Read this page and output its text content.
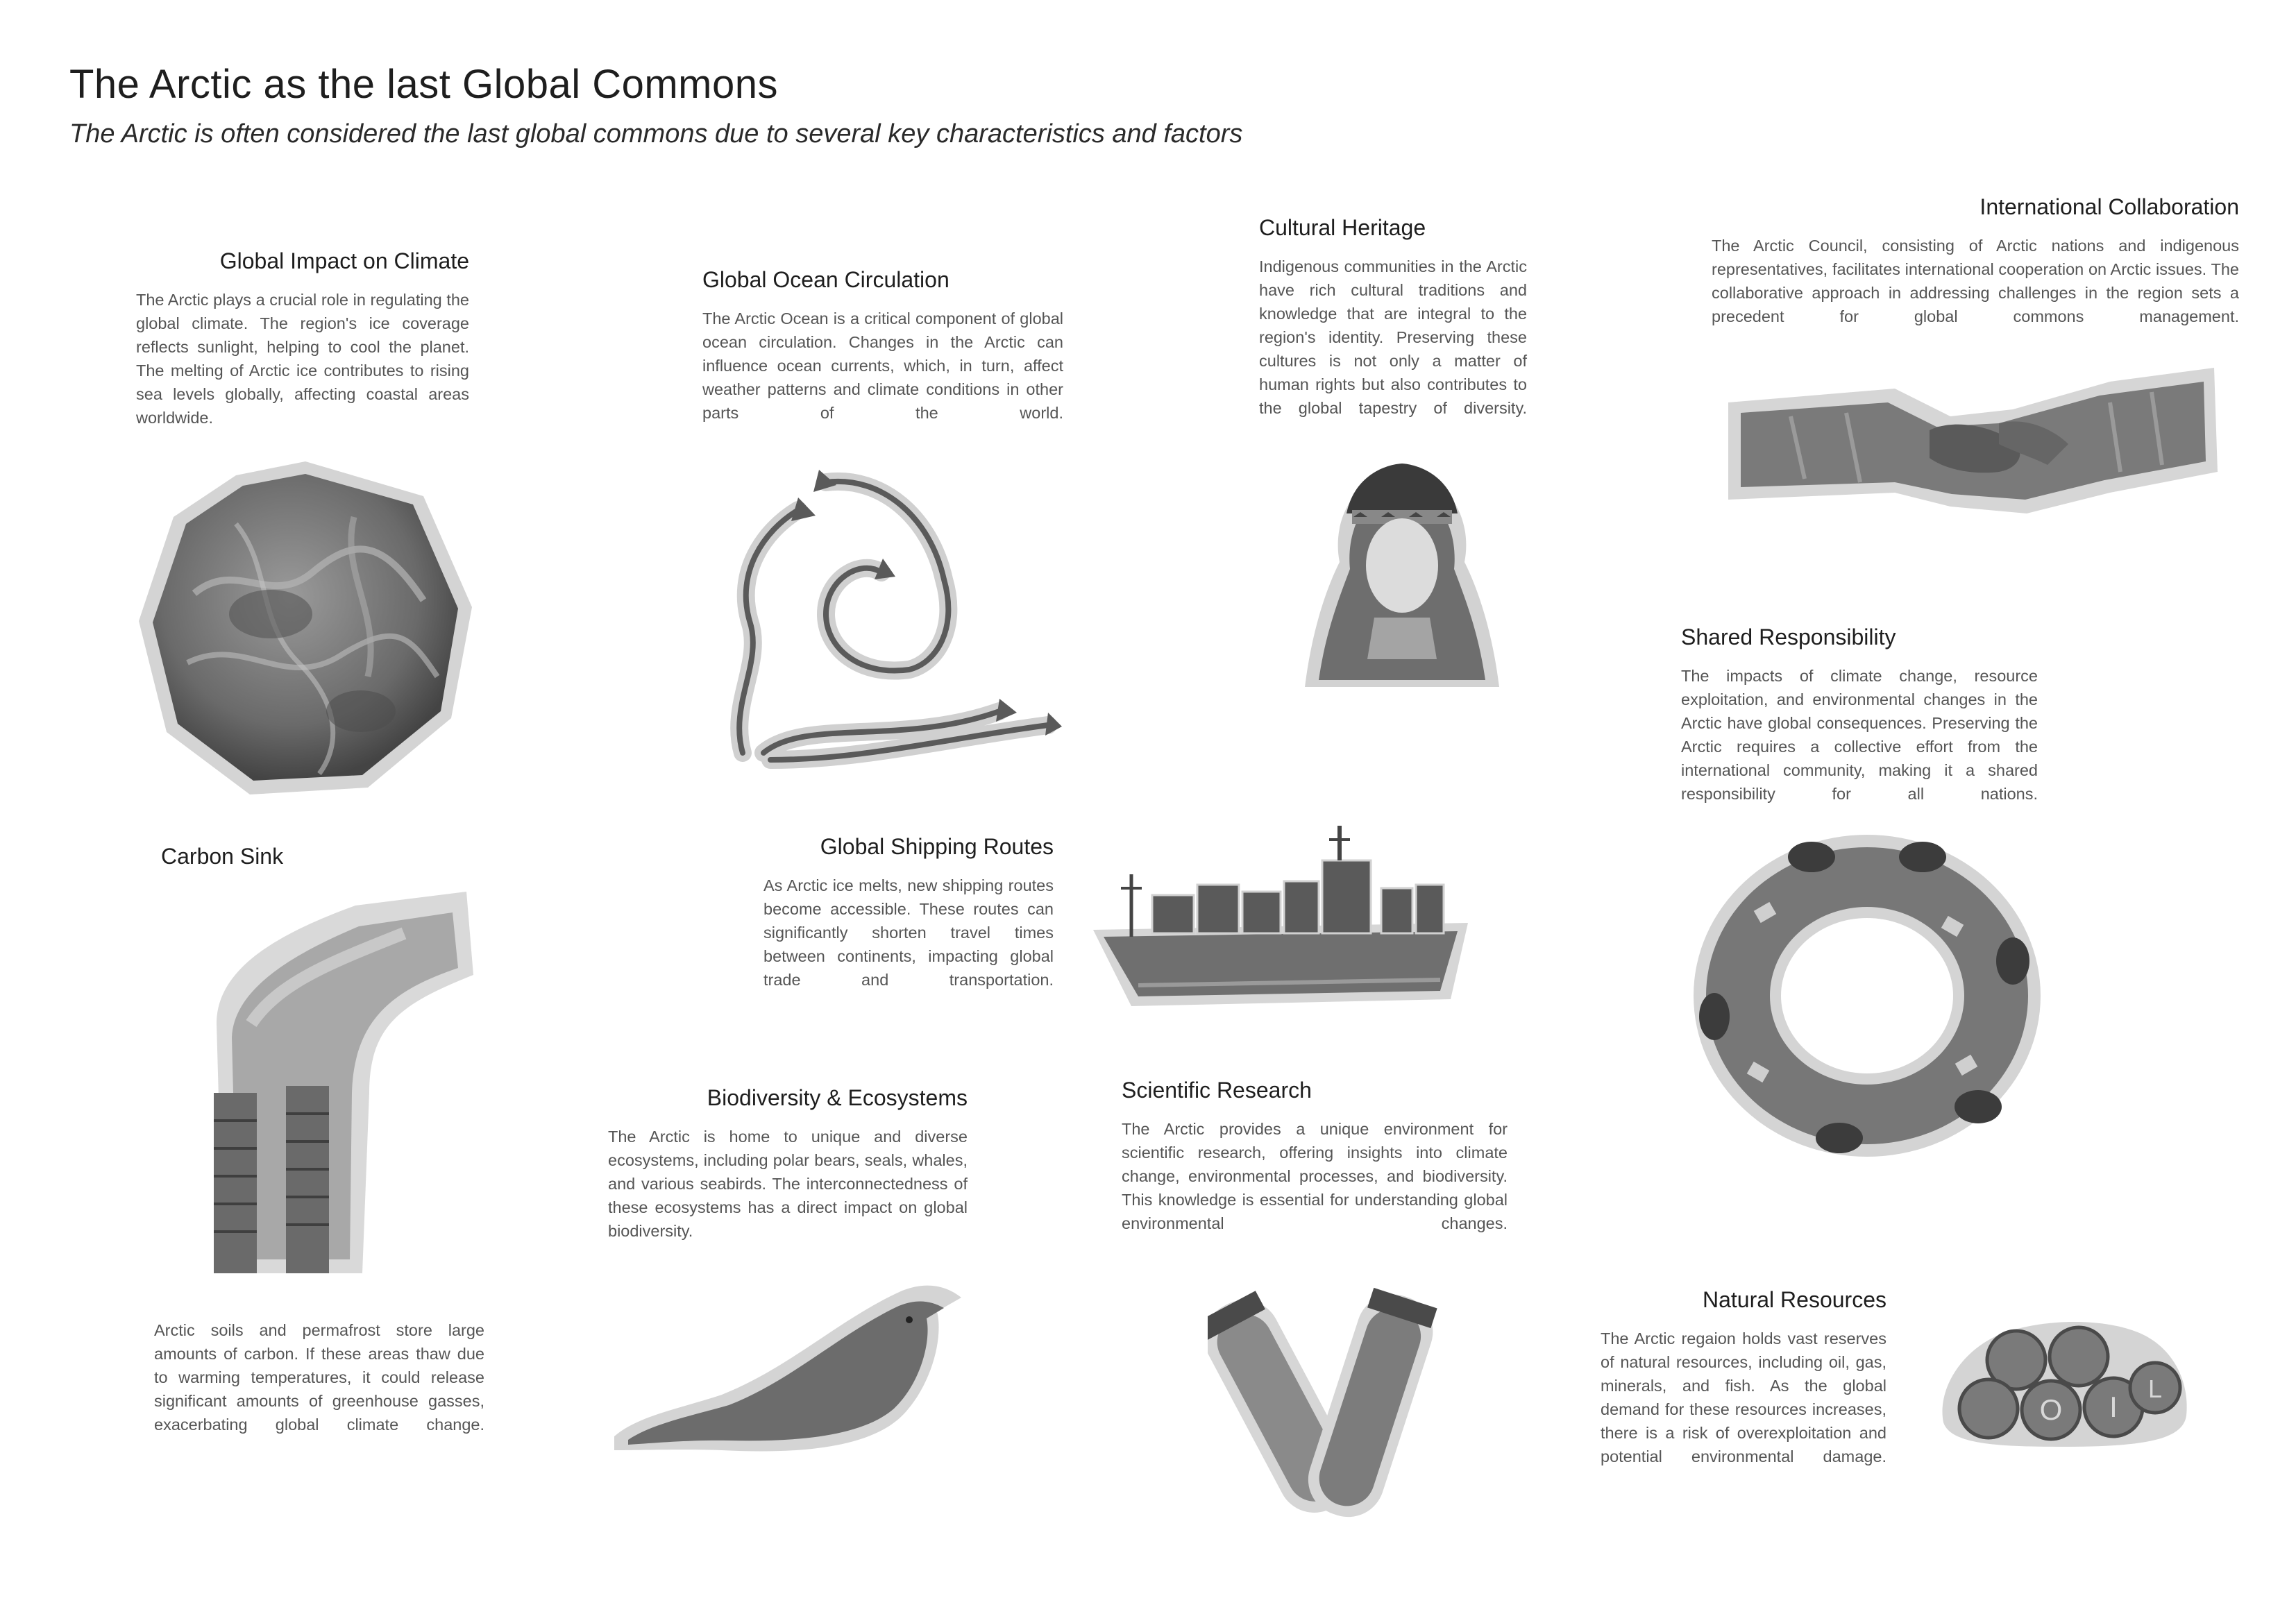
The Arctic as the last Global Commons
The Arctic is often considered the last global commons due to several key characteristics and factors
Global Impact on Climate

The Arctic plays a crucial role in regulating the global climate. The region's ice coverage reflects sunlight, helping to cool the planet. The melting of Arctic ice contributes to rising sea levels globally, affecting coastal areas worldwide.

Global Ocean Circulation

The Arctic Ocean is a critical component of global ocean circulation. Changes in the Arctic can influence ocean currents, which, in turn, affect weather patterns and climate conditions in other parts of the world.

Cultural Heritage

Indigenous communities in the Arctic have rich cultural traditions and knowledge that are integral to the region's identity. Preserving these cultures is not only a matter of human rights but also contributes to the global tapestry of diversity.

International Collaboration

The Arctic Council, consisting of Arctic nations and indigenous representatives, facilitates international cooperation on Arctic issues. The collaborative approach in addressing challenges in the region sets a precedent for global commons management.

Shared Responsibility

The impacts of climate change, resource exploitation, and environmental changes in the Arctic have global consequences. Preserving the Arctic requires a collective effort from the international community, making it a shared responsibility for all nations.

Carbon Sink

Arctic soils and permafrost store large amounts of carbon. If these areas thaw due to warming temperatures, it could release significant amounts of greenhouse gasses, exacerbating global climate change.

Global Shipping Routes

As Arctic ice melts, new shipping routes become accessible. These routes can significantly shorten travel times between continents, impacting global trade and transportation.

Biodiversity & Ecosystems

The Arctic is home to unique and diverse ecosystems, including polar bears, seals, whales, and various seabirds. The interconnectedness of these ecosystems has a direct impact on global biodiversity.

Scientific Research

The Arctic provides a unique environment for scientific research, offering insights into climate change, environmental processes, and biodiversity. This knowledge is essential for understanding global environmental changes.

Natural Resources

The Arctic regaion holds vast reserves of natural resources, including oil, gas, minerals, and fish. As the global demand for these resources increases, there is a risk of overexploitation and potential environmental damage.

O I
L
